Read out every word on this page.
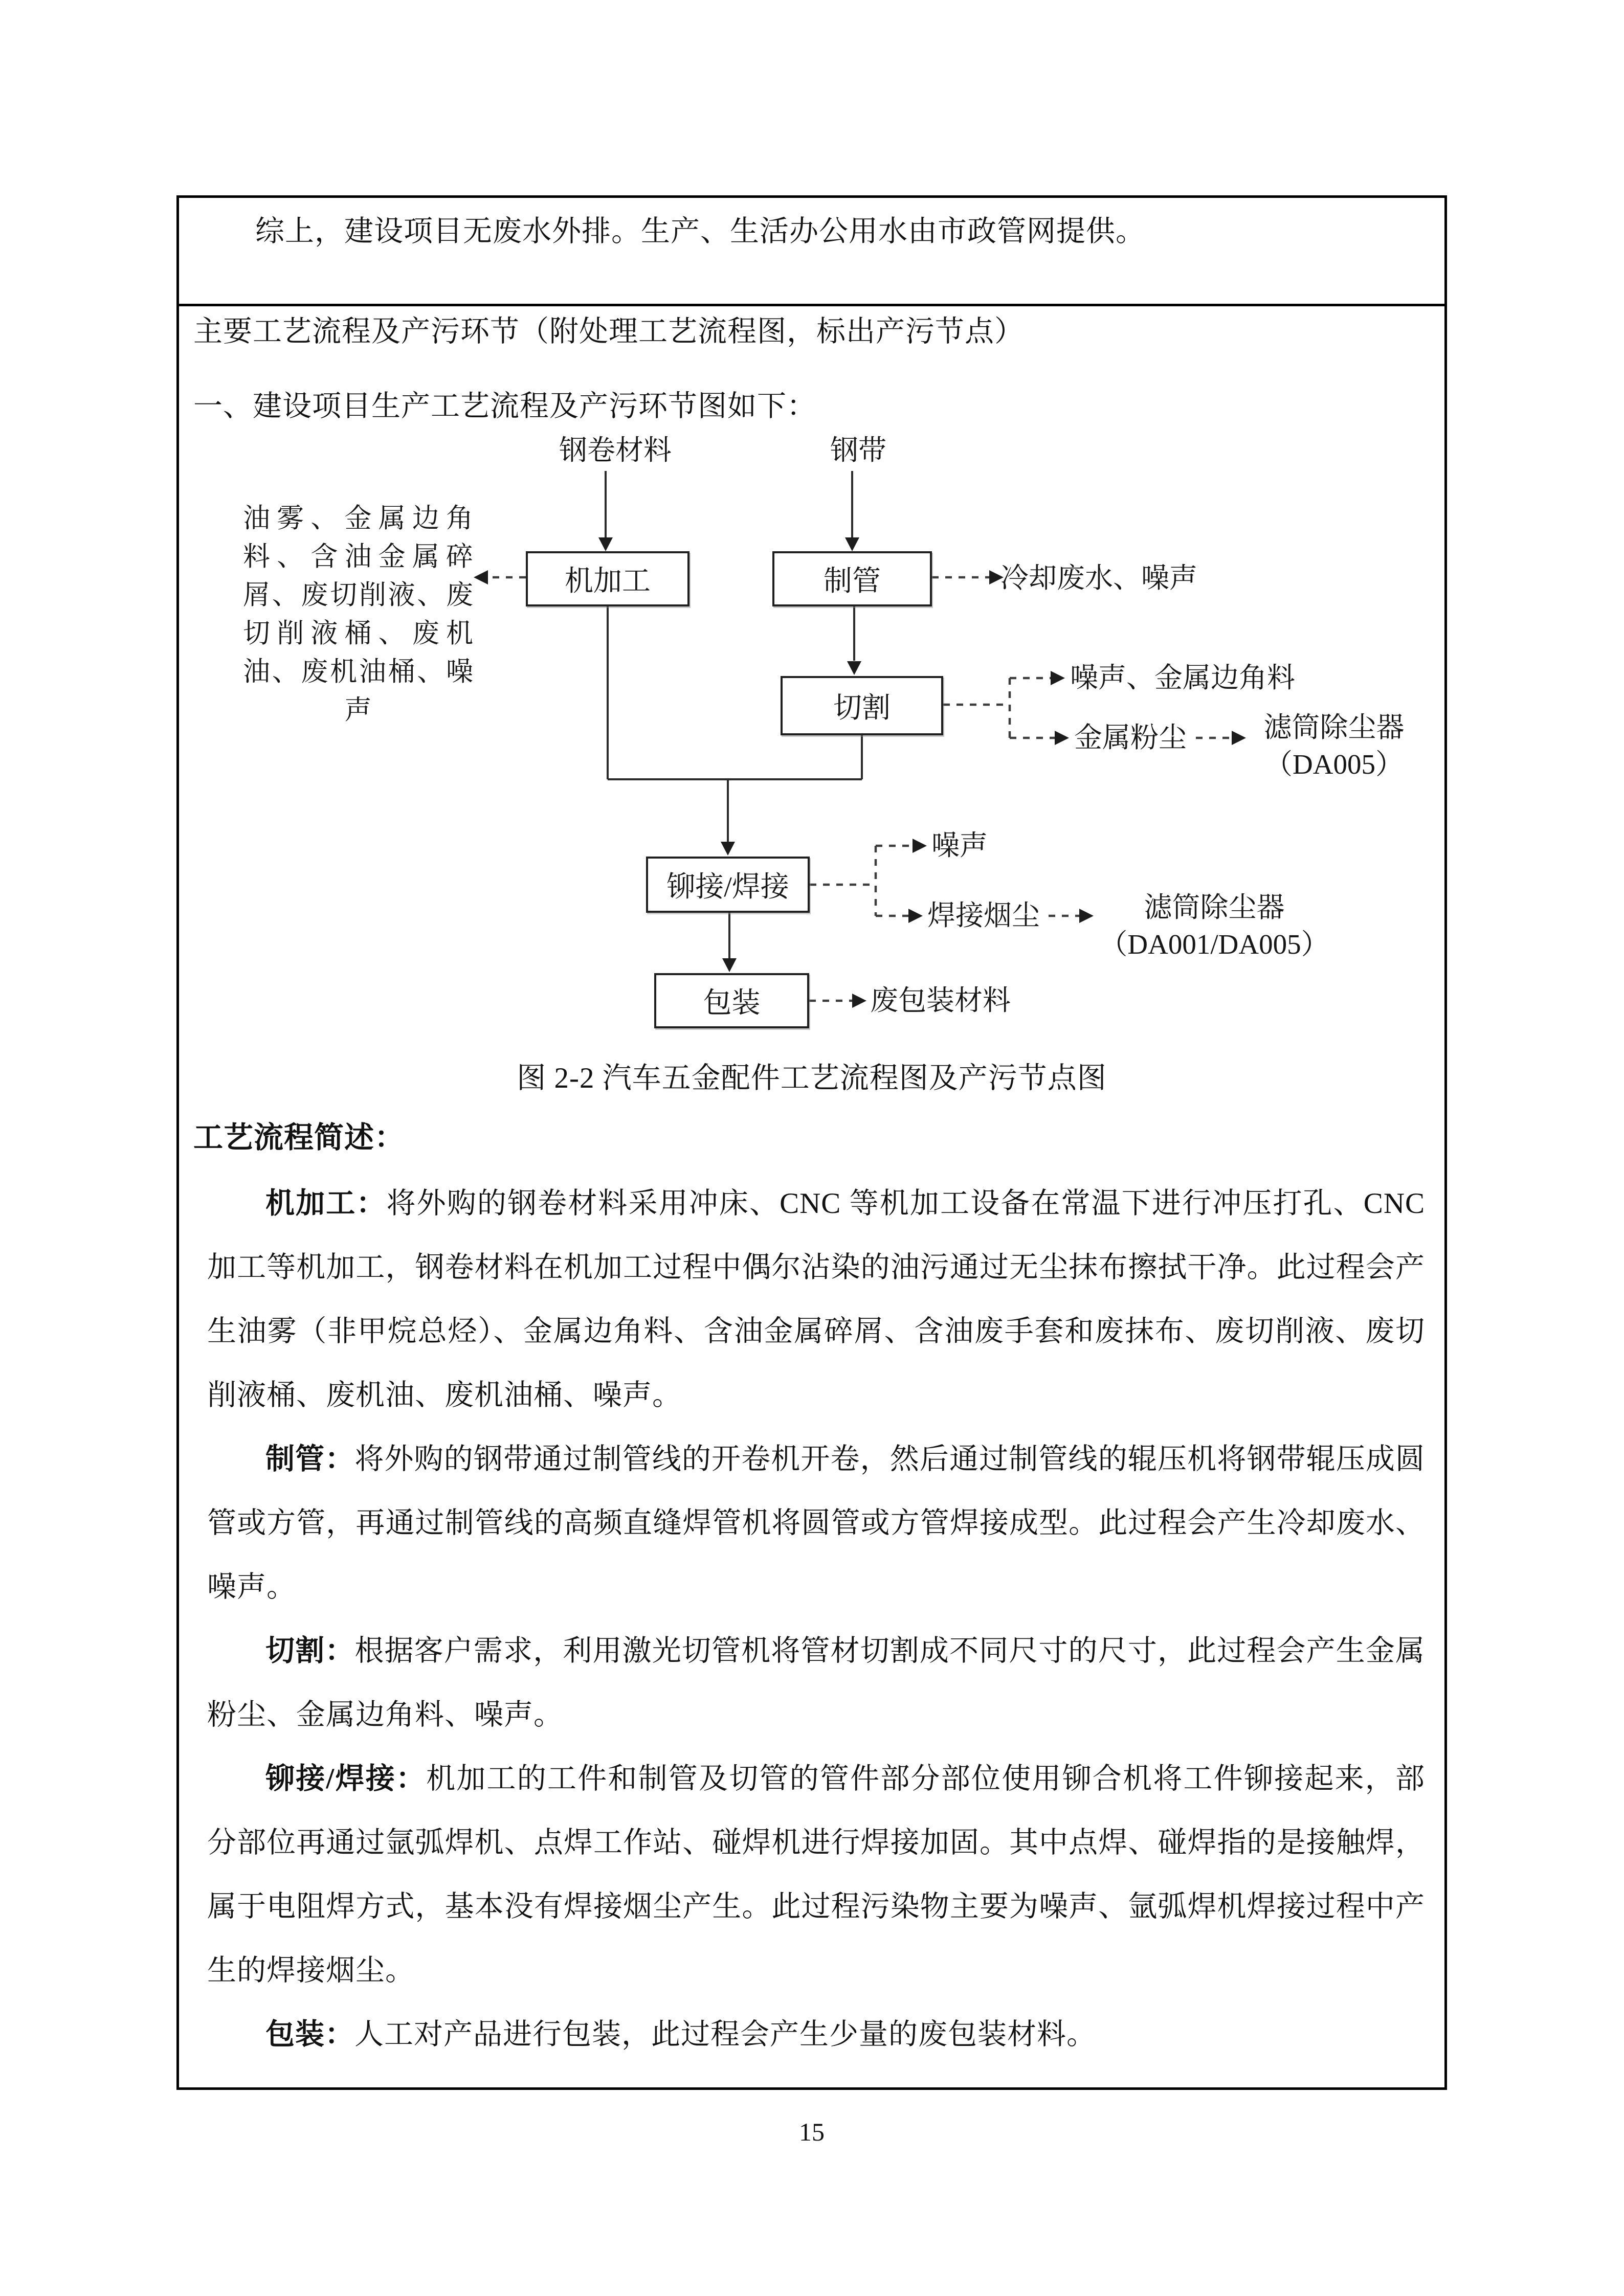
综上，建设项目无废水外排。生产、生活办公用水由市政管网提供。

主要工艺流程及产污环节（附处理工艺流程图，标出产污节点）

一、建设项目生产工艺流程及产污环节图如下：

钢卷材料	钢带
机加工	制管
切割
铆接/焊接
包装
油雾、金属边角料、含油金属碎屑、废切削液、废切削液桶、废机油、废机油桶、噪声
冷却废水、噪声
噪声、金属边角料
金属粉尘	滤筒除尘器
（DA005）
噪声
焊接烟尘	滤筒除尘器
（DA001/DA005）
废包装材料

图 2-2 汽车五金配件工艺流程图及产污节点图

工艺流程简述：

机加工：将外购的钢卷材料采用冲床、CNC 等机加工设备在常温下进行冲压打孔、CNC 加工等机加工，钢卷材料在机加工过程中偶尔沾染的油污通过无尘抹布擦拭干净。此过程会产生油雾（非甲烷总烃）、金属边角料、含油金属碎屑、含油废手套和废抹布、废切削液、废切削液桶、废机油、废机油桶、噪声。

制管：将外购的钢带通过制管线的开卷机开卷，然后通过制管线的辊压机将钢带辊压成圆管或方管，再通过制管线的高频直缝焊管机将圆管或方管焊接成型。此过程会产生冷却废水、噪声。

切割：根据客户需求，利用激光切管机将管材切割成不同尺寸的尺寸，此过程会产生金属粉尘、金属边角料、噪声。

铆接/焊接：机加工的工件和制管及切管的管件部分部位使用铆合机将工件铆接起来，部分部位再通过氩弧焊机、点焊工作站、碰焊机进行焊接加固。其中点焊、碰焊指的是接触焊，属于电阻焊方式，基本没有焊接烟尘产生。此过程污染物主要为噪声、氩弧焊机焊接过程中产生的焊接烟尘。

包装：人工对产品进行包装，此过程会产生少量的废包装材料。

15
